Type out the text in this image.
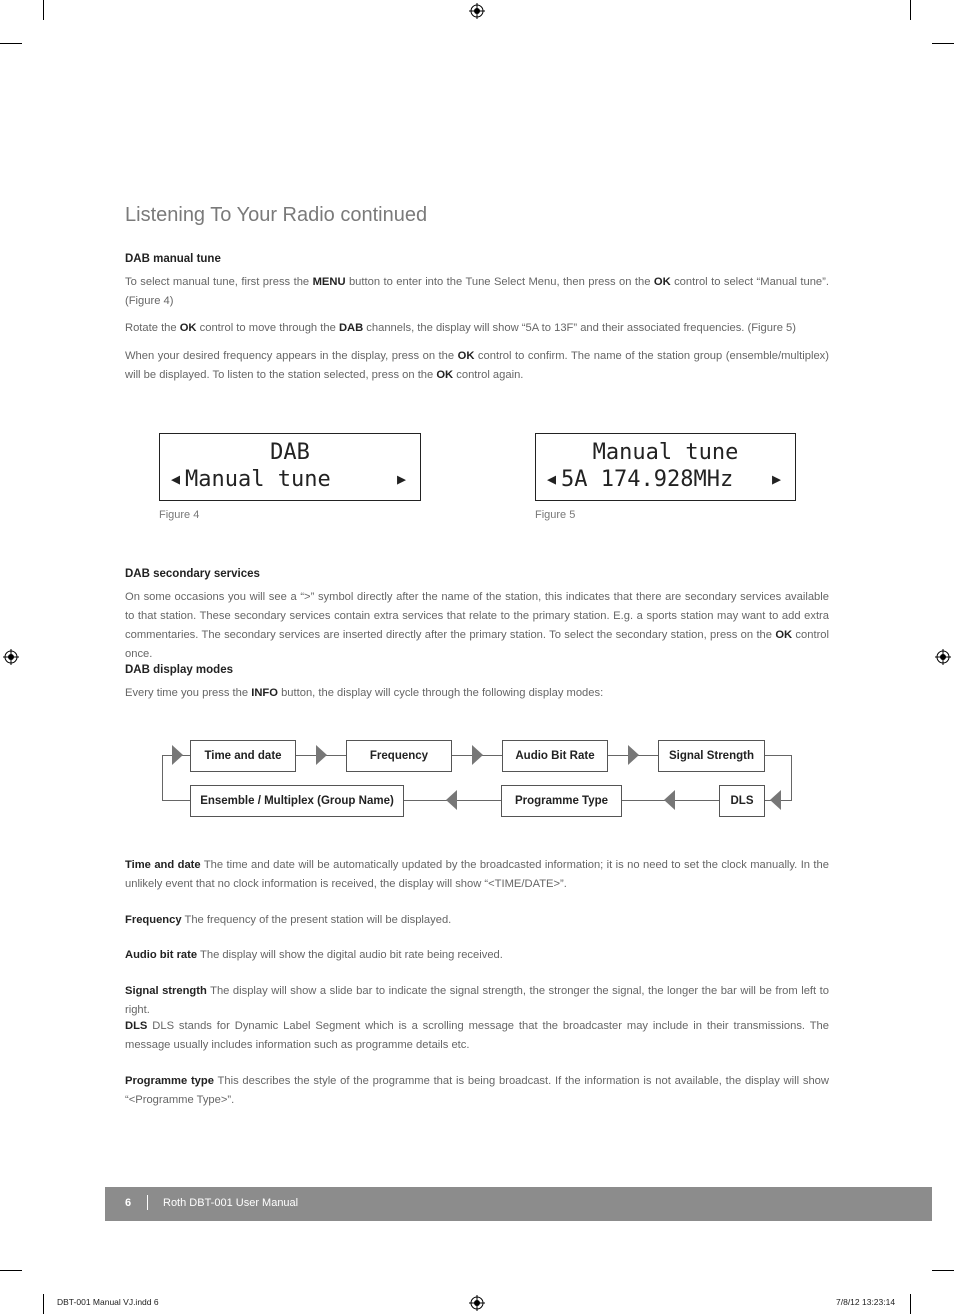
Listening To Your Radio continued
DAB manual tune
To select manual tune, first press the MENU button to enter into the Tune Select Menu, then press on the OK control to select “Manual tune”. (Figure 4)
Rotate the OK control to move through the DAB channels, the display will show “5A to 13F” and their associated frequencies. (Figure 5)
When your desired frequency appears in the display, press on the OK control to confirm. The name of the station group (ensemble/multiplex) will be displayed. To listen to the station selected, press on the OK control again.
DAB
◀ Manual tune	▶
Figure 4
Manual tune
◀ 5A 174.928MHz	▶
Figure 5
DAB secondary services
On some occasions you will see a “>” symbol directly after the name of the station, this indicates that there are secondary services available to that station. These secondary services contain extra services that relate to the primary station. E.g. a sports station may want to add extra commentaries. The secondary services are inserted directly after the primary station. To select the secondary station, press on the OK control once.
DAB display modes
Every time you press the INFO button, the display will cycle through the following display modes:
Time and date	Frequency	Audio Bit Rate	Signal Strength
Ensemble / Multiplex (Group Name)	Programme Type	DLS
Time and date The time and date will be automatically updated by the broadcasted information; it is no need to set the clock manually. In the unlikely event that no clock information is received, the display will show “<TIME/DATE>”.
Frequency The frequency of the present station will be displayed.
Audio bit rate The display will show the digital audio bit rate being received.
Signal strength The display will show a slide bar to indicate the signal strength, the stronger the signal, the longer the bar will be from left to right.
DLS DLS stands for Dynamic Label Segment which is a scrolling message that the broadcaster may include in their transmissions. The message usually includes information such as programme details etc.
Programme type This describes the style of the programme that is being broadcast. If the information is not available, the display will show “<Programme Type>”.
6	Roth DBT-001 User Manual
DBT-001 Manual VJ.indd 6	7/8/12 13:23:14
